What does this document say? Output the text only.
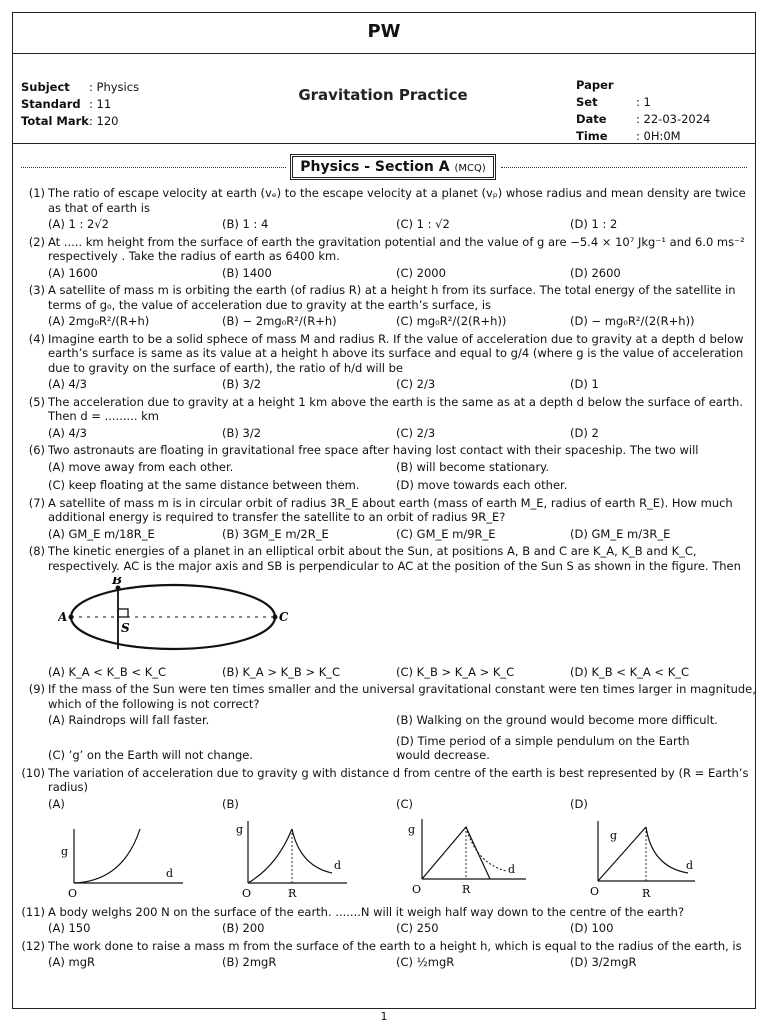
PW
Subject : Physics
Standard : 11
Total Mark: 120
Gravitation Practice
Paper Set	: 1
Date	: 22-03-2024
Time : 0H:0M
Physics - Section A (MCQ)
(1) The ratio of escape velocity at earth (vₑ) to the escape velocity at a planet (vₚ) whose radius and mean density are twice as that of earth is
(A) 1 : 2√2	(B) 1 : 4	(C) 1 : √2	(D) 1 : 2
(2) At ..... km height from the surface of earth the gravitation potential and the value of g are −5.4 × 10⁷ Jkg⁻¹ and 6.0 ms⁻² respectively . Take the radius of earth as 6400 km.
(A) 1600	(B) 1400	(C) 2000	(D) 2600
(3) A satellite of mass m is orbiting the earth (of radius R) at a height h from its surface. The total energy of the satellite in terms of g₀, the value of acceleration due to gravity at the earth’s surface, is
(A) 2mg₀R²/(R+h)	(B) − 2mg₀R²/(R+h)	(C) mg₀R²/(2(R+h))	(D) − mg₀R²/(2(R+h))
(4) Imagine earth to be a solid sphece of mass M and radius R. If the value of acceleration due to gravity at a depth d below earth’s surface is same as its value at a height h above its surface and equal to g/4 (where g is the value of acceleration due to gravity on the surface of earth), the ratio of h/d will be
(A) 4/3	(B) 3/2	(C) 2/3	(D) 1
(5) The acceleration due to gravity at a height 1 km above the earth is the same as at a depth d below the surface of earth. Then d = ......... km
(A) 4/3	(B) 3/2	(C) 2/3	(D) 2
(6) Two astronauts are floating in gravitational free space after having lost contact with their spaceship. The two will
(A) move away from each other.	(B) will become stationary.
(C) keep floating at the same distance between them.	(D) move towards each other.
(7) A satellite of mass m is in circular orbit of radius 3R_E about earth (mass of earth M_E, radius of earth R_E). How much additional energy is required to transfer the satellite to an orbit of radius 9R_E?
(A) GM_E m/18R_E	(B) 3GM_E m/2R_E	(C) GM_E m/9R_E	(D) GM_E m/3R_E
(8) The kinetic energies of a planet in an elliptical orbit about the Sun, at positions A, B and C are K_A, K_B and K_C, respectively. AC is the major axis and SB is perpendicular to AC at the position of the Sun S as shown in the figure. Then
A
B
S
C
(A) K_A < K_B < K_C	(B) K_A > K_B > K_C	(C) K_B > K_A > K_C	(D) K_B < K_A < K_C
(9) If the mass of the Sun were ten times smaller and the universal gravitational constant were ten times larger in magnitude, which of the following is not correct?
(A) Raindrops will fall faster.	(B) Walking on the ground would become more difficult.
(C) ’g’ on the Earth will not change.
(D) Time period of a simple pendulum on the Earth would decrease.
(10) The variation of acceleration due to gravity g with distance d from centre of the earth is best represented by (R = Earth’s radius)
(A)	(B)	(C)	(D)
g
d
O
g
d
O	R
g
d
O	R
g
d
O	R
(11) A body welghs 200 N on the surface of the earth. .......N will it weigh half way down to the centre of the earth?
(A) 150	(B) 200	(C) 250	(D) 100
(12) The work done to raise a mass m from the surface of the earth to a height h, which is equal to the radius of the earth, is
(A) mgR	(B) 2mgR	(C) ½mgR	(D) 3/2mgR
1
